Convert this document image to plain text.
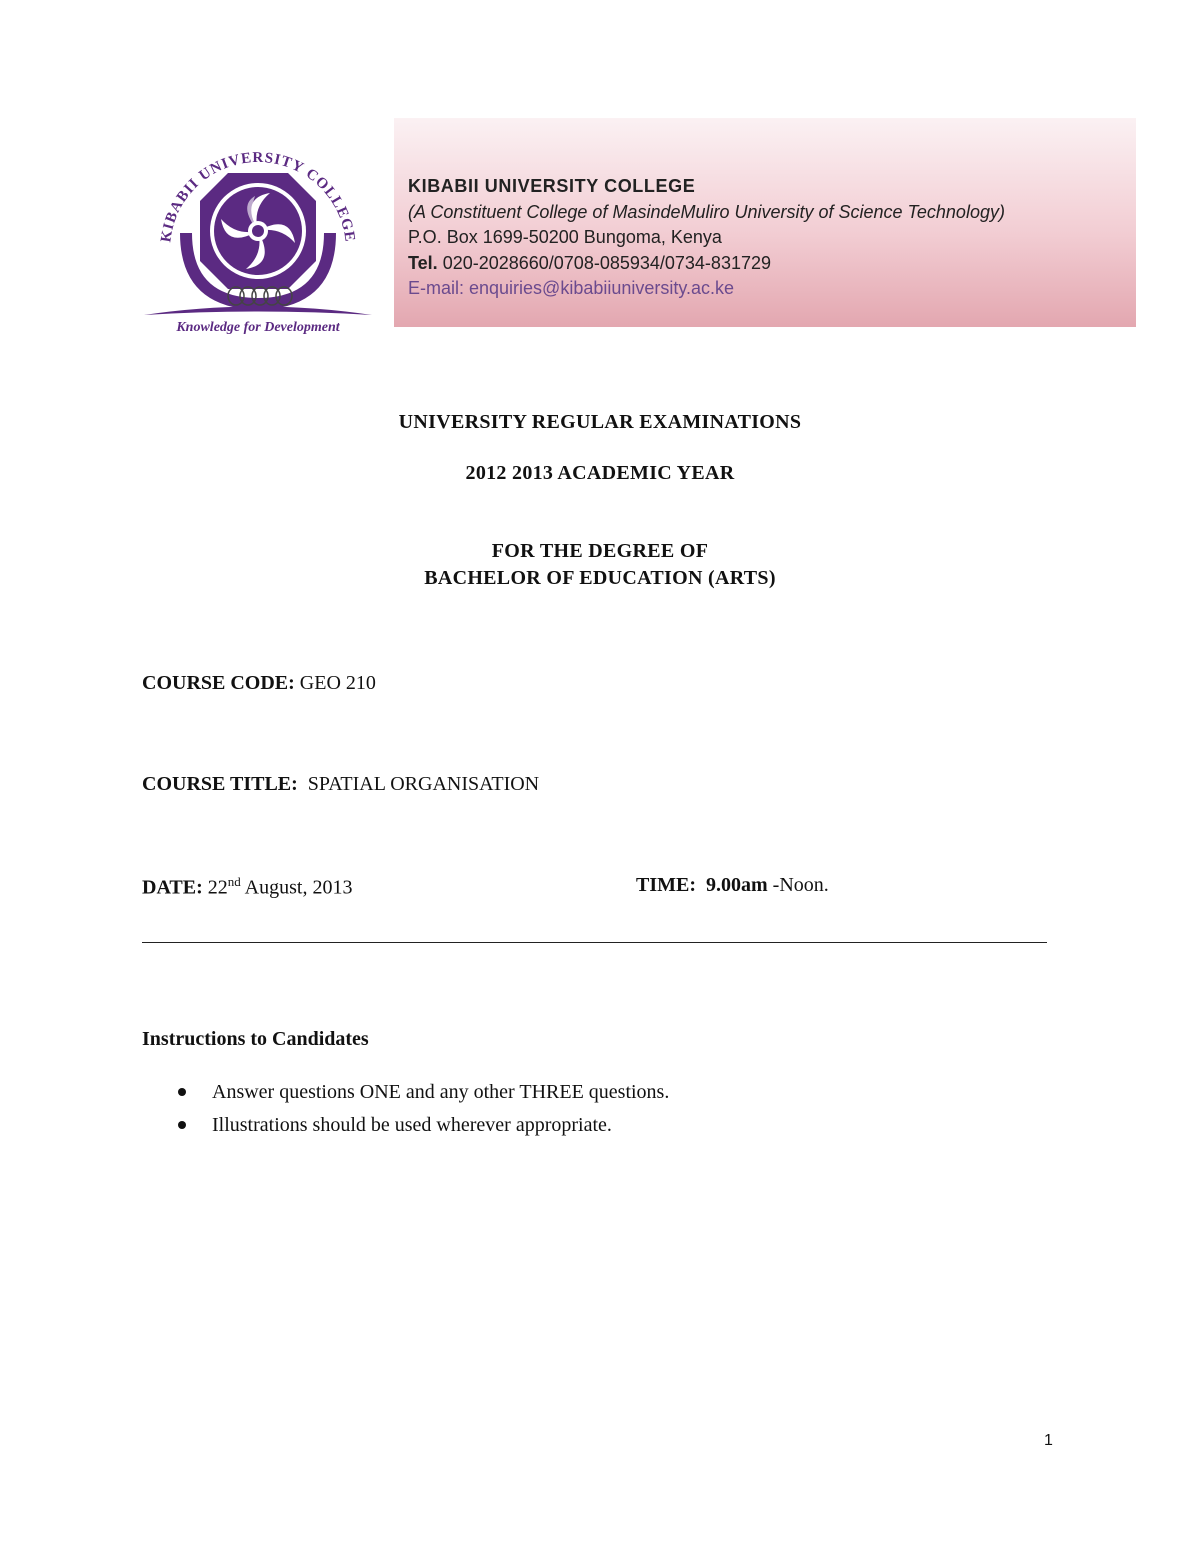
KIBABII UNIVERSITY COLLEGE
Knowledge for Development
KIBABII UNIVERSITY COLLEGE
(A Constituent College of MasindeMuliro University of Science Technology)
P.O. Box 1699-50200 Bungoma, Kenya
Tel. 020-2028660/0708-085934/0734-831729
E-mail: enquiries@kibabiiuniversity.ac.ke
UNIVERSITY REGULAR EXAMINATIONS
2012 2013 ACADEMIC YEAR
FOR THE DEGREE OF
BACHELOR OF EDUCATION (ARTS)
COURSE CODE: GEO 210
COURSE TITLE: SPATIAL ORGANISATION
DATE: 22nd August, 2013	TIME: 9.00am -Noon.
Instructions to Candidates
Answer questions ONE and any other THREE questions.
Illustrations should be used wherever appropriate.
1
